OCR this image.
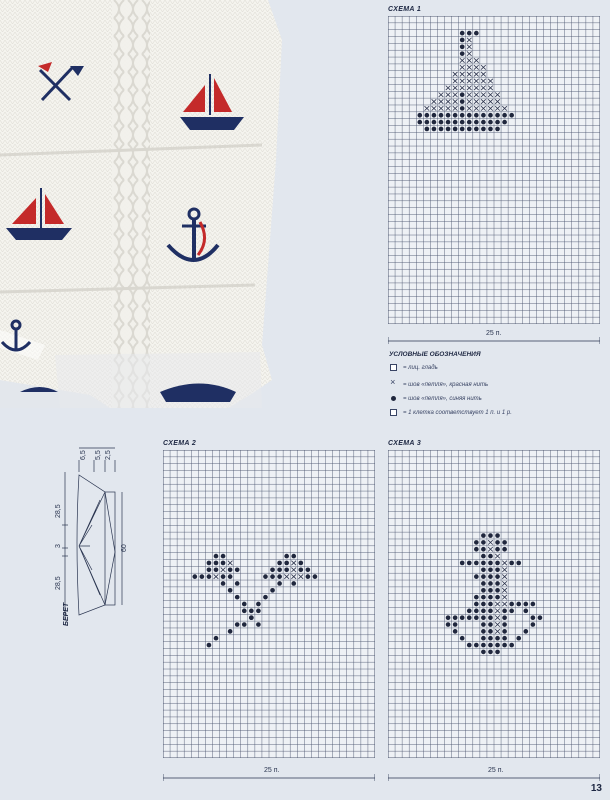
СХЕМА 1
25 п.
УСЛОВНЫЕ ОБОЗНАЧЕНИЯ
= лиц. гладь
×
= шов «петля», красная нить
= шов «петля», синяя нить
= 1 клетка соответствует 1 п. и 1 р.
6,5 5,5 2,5
28,5
3
28,5
60
БЕРЕТ
СХЕМА 2
25 п.
СХЕМА 3
25 п.
13
